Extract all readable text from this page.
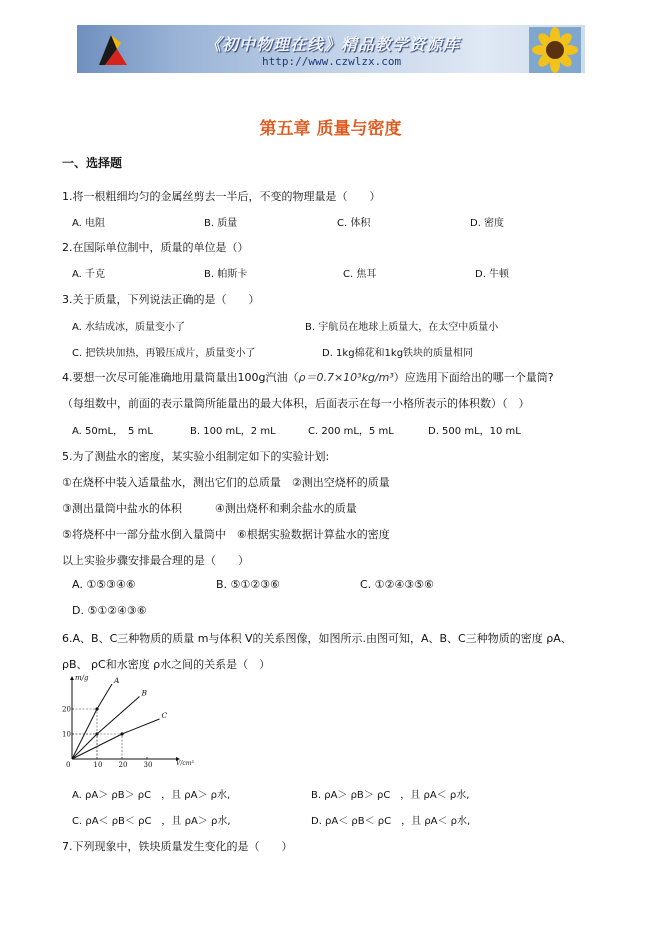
《初中物理在线》精品教学资源库
http://www.czwlzx.com
第五章 质量与密度
一、选择题
1.将一根粗细均匀的金属丝剪去一半后，不变的物理量是（　　）
A. 电阻	B. 质量	C. 体积	D. 密度
2.在国际单位制中，质量的单位是（）
A. 千克	B. 帕斯卡	C. 焦耳	D. 牛顿
3.关于质量，下列说法正确的是（　　）
A. 水结成冰，质量变小了	B. 宇航员在地球上质量大，在太空中质量小
C. 把铁块加热，再锻压成片，质量变小了	D. 1kg棉花和1kg铁块的质量相同
4.要想一次尽可能准确地用量筒量出100g汽油（ρ＝0.7×10³kg/m³）应选用下面给出的哪一个量筒?
（每组数中，前面的表示量筒所能量出的最大体积，后面表示在每一小格所表示的体积数）（　）
A. 50mL，　5 mL	B. 100 mL，2 mL	C. 200 mL，5 mL	D. 500 mL，10 mL
5.为了测盐水的密度，某实验小组制定如下的实验计划:
①在烧杯中装入适量盐水，测出它们的总质量　②测出空烧杯的质量
③测出量筒中盐水的体积　　　④测出烧杯和剩余盐水的质量
⑤将烧杯中一部分盐水倒入量筒中　⑥根据实验数据计算盐水的密度
以上实验步骤安排最合理的是（　　）
A. ①⑤③④⑥	B. ⑤①②③⑥	C. ①②④③⑤⑥
D. ⑤①②④③⑥
6.A、B、C三种物质的质量 m与体积 V的关系图像，如图所示.由图可知，A、B、C三种物质的密度 ρA、
ρB、 ρC和水密度 ρ水之间的关系是（　）
10 20 30
10
20
0
m/g
V/cm³
A
B
C
A. ρA＞ ρB＞ ρC　，且 ρA＞ ρ水,	B. ρA＞ ρB＞ ρC　，且 ρA＜ ρ水,
C. ρA＜ ρB＜ ρC　，且 ρA＞ ρ水,	D. ρA＜ ρB＜ ρC　，且 ρA＜ ρ水,
7.下列现象中，铁块质量发生变化的是（　　）
